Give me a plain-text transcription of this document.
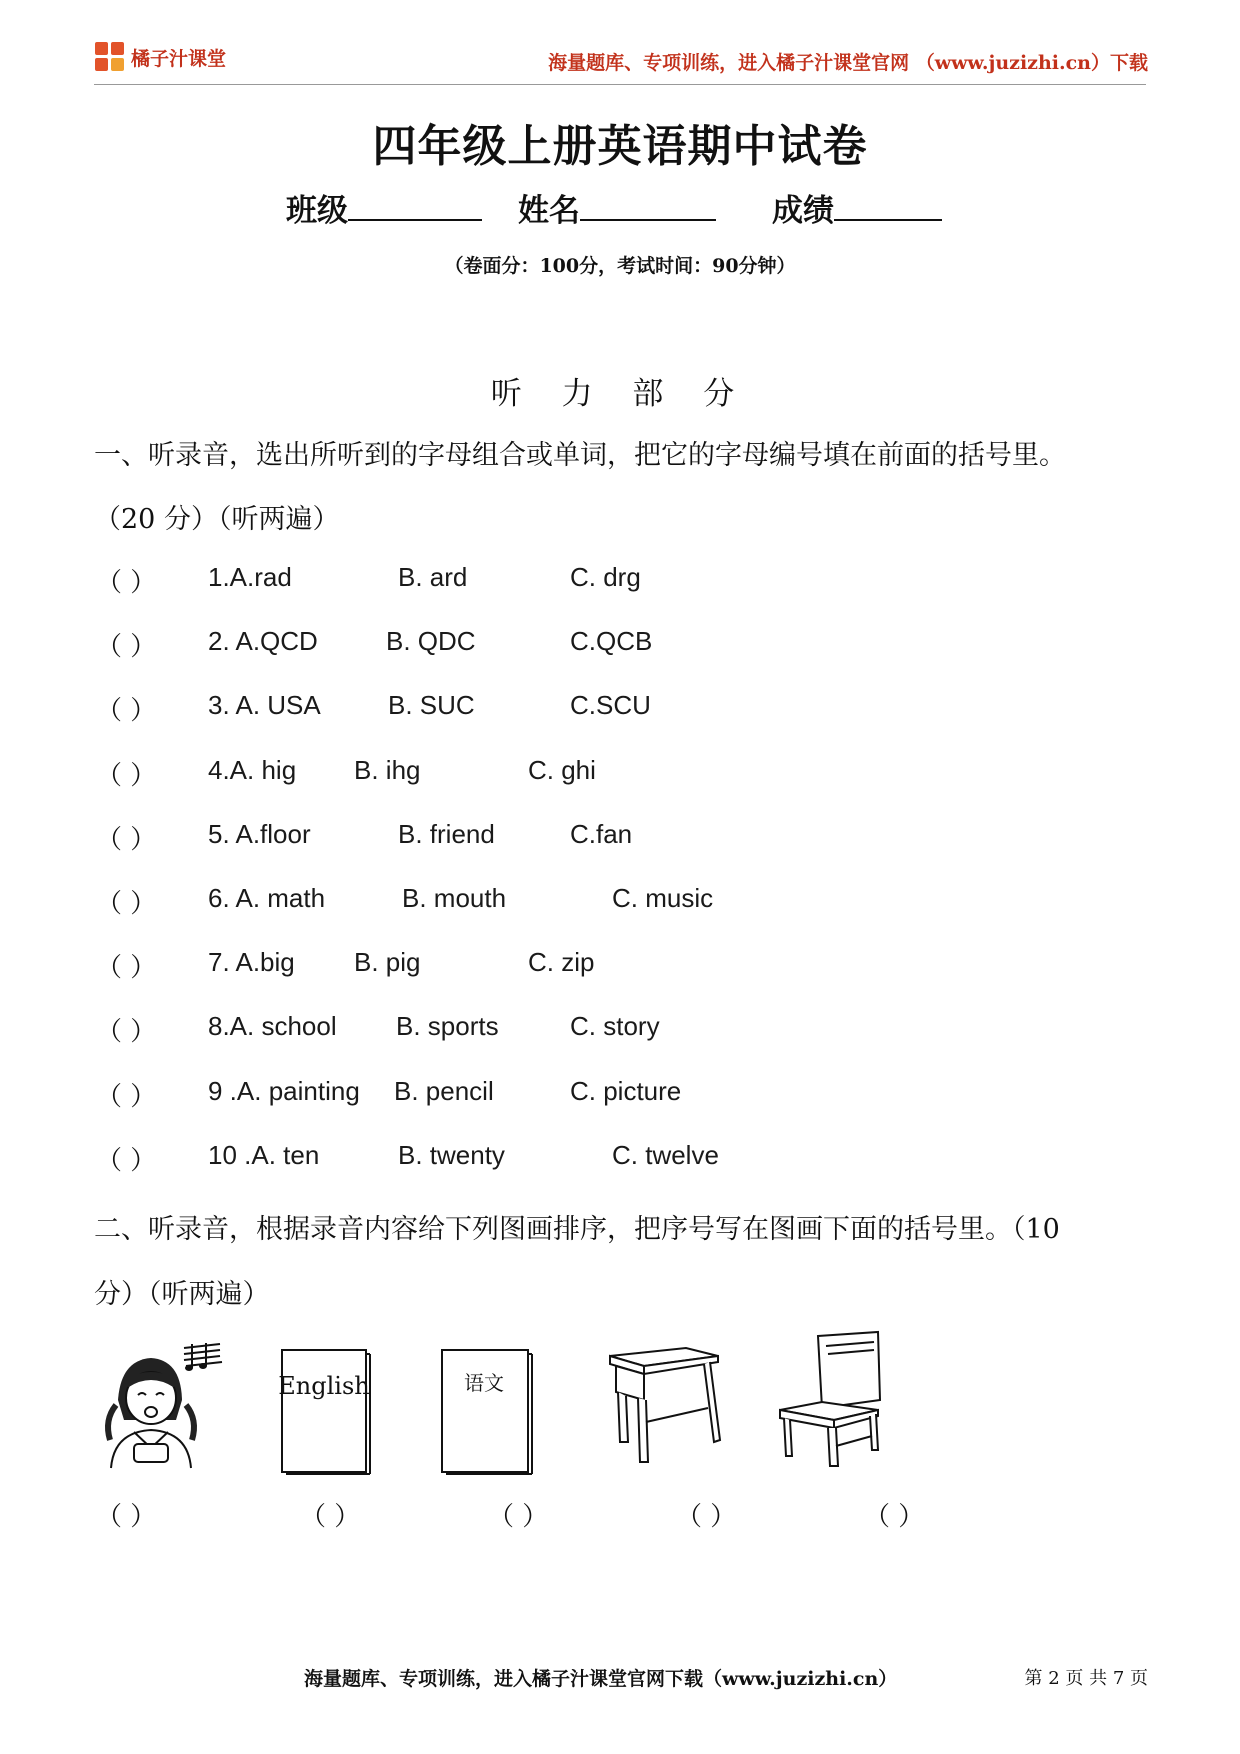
橘子汁课堂	海量题库、专项训练，进入橘子汁课堂官网 （www.juzizhi.cn）下载
四年级上册英语期中试卷
班级	姓名	成绩
（卷面分：100分，考试时间：90分钟）
听 力 部 分
一、听录音，选出所听到的字母组合或单词，把它的字母编号填在前面的括号里。
（20 分）（听两遍）
（ ） 1.A.rad	B. ard	C. drg
（ ） 2. A.QCD	B. QDC	C.QCB
（ ） 3. A. USA	B. SUC	C.SCU
（ ） 4.A. hig B. ihg	C. ghi
（ ） 5. A.floor	B. friend	C.fan
（ ） 6. A. math	B. mouth	C. music
（ ） 7. A.big B. pig	C. zip
（ ） 8.A. school B. sports	C. story
（ ） 9 .A. painting B. pencil	C. picture
（ ） 10 .A. ten	B. twenty	C. twelve
二、听录音，根据录音内容给下列图画排序，把序号写在图画下面的括号里。（10
分）（听两遍）
English	语文
（ ）	（ ）	（ ）	（ ）	（ ）
海量题库、专项训练，进入橘子汁课堂官网下载（www.juzizhi.cn）	第 2 页 共 7 页
